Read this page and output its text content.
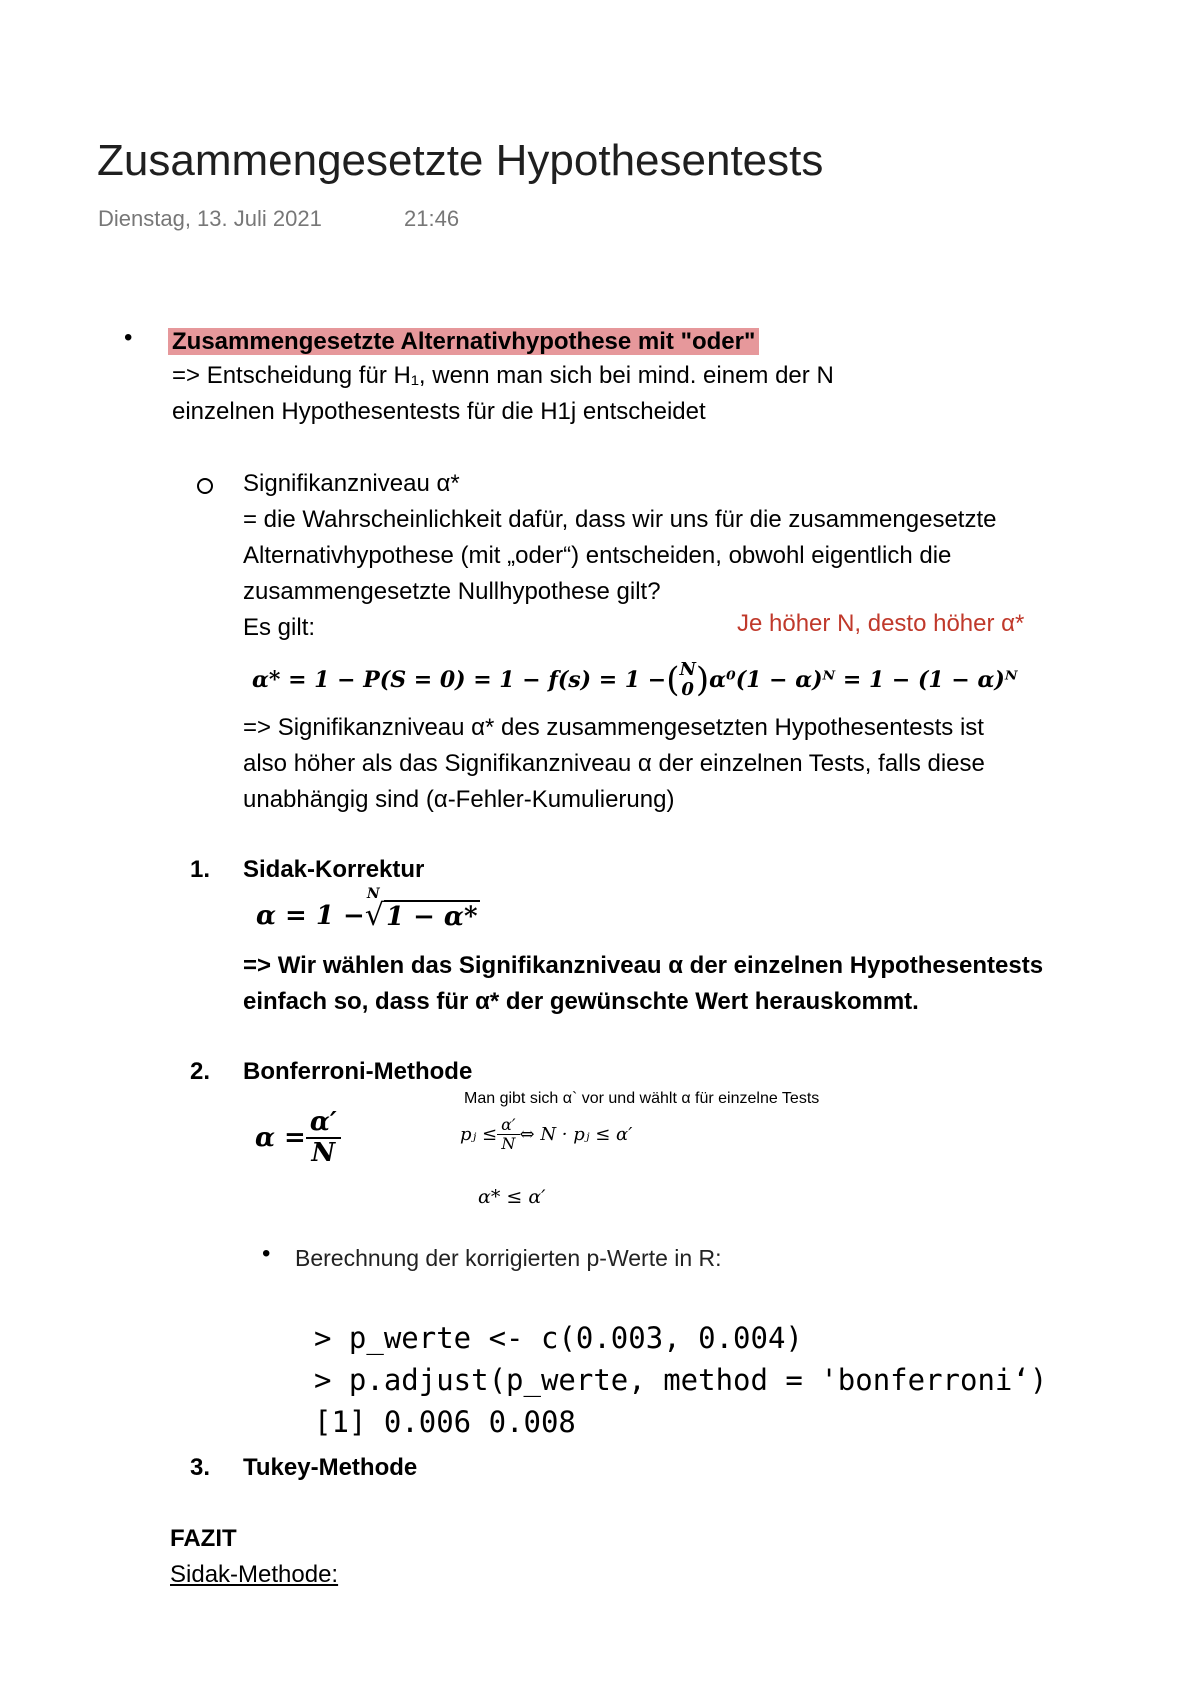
Zusammengesetzte Hypothesentests
Dienstag, 13. Juli 2021	21:46
• Zusammengesetzte Alternativhypothese mit "oder"
=> Entscheidung für H₁, wenn man sich bei mind. einem der N
einzelnen Hypothesentests für die H1j entscheidet
Signifikanzniveau α*
= die Wahrscheinlichkeit dafür, dass wir uns für die zusammengesetzte
Alternativhypothese (mit „oder“) entscheiden, obwohl eigentlich die
zusammengesetzte Nullhypothese gilt?
Es gilt:	Je höher N, desto höher α*
α* = 1 − P(S = 0) = 1 − f(s) = 1 − ( N
0 ) α⁰(1 − α)ᴺ = 1 − (1 − α)ᴺ
=> Signifikanzniveau α* des zusammengesetzten Hypothesentests ist
also höher als das Signifikanzniveau α der einzelnen Tests, falls diese
unabhängig sind (α-Fehler-Kumulierung)
1. Sidak-Korrektur
α = 1 −
N
√ 1 − α*
=> Wir wählen das Signifikanzniveau α der einzelnen Hypothesentests
einfach so, dass für α* der gewünschte Wert herauskommt.
2. Bonferroni-Methode
Man gibt sich α` vor und wählt α für einzelne Tests
$\alpha = \frac{\alpha'}{N}$	pⱼ ≤ $\frac{\alpha'}{N}$ ⇔ N · pⱼ ≤ α′
α* ≤ α′
• Berechnung der korrigierten p-Werte in R:
> p_werte <- c(0.003, 0.004)
> p.adjust(p_werte, method = 'bonferroni‘)
[1] 0.006 0.008
3. Tukey-Methode
FAZIT
Sidak-Methode:
